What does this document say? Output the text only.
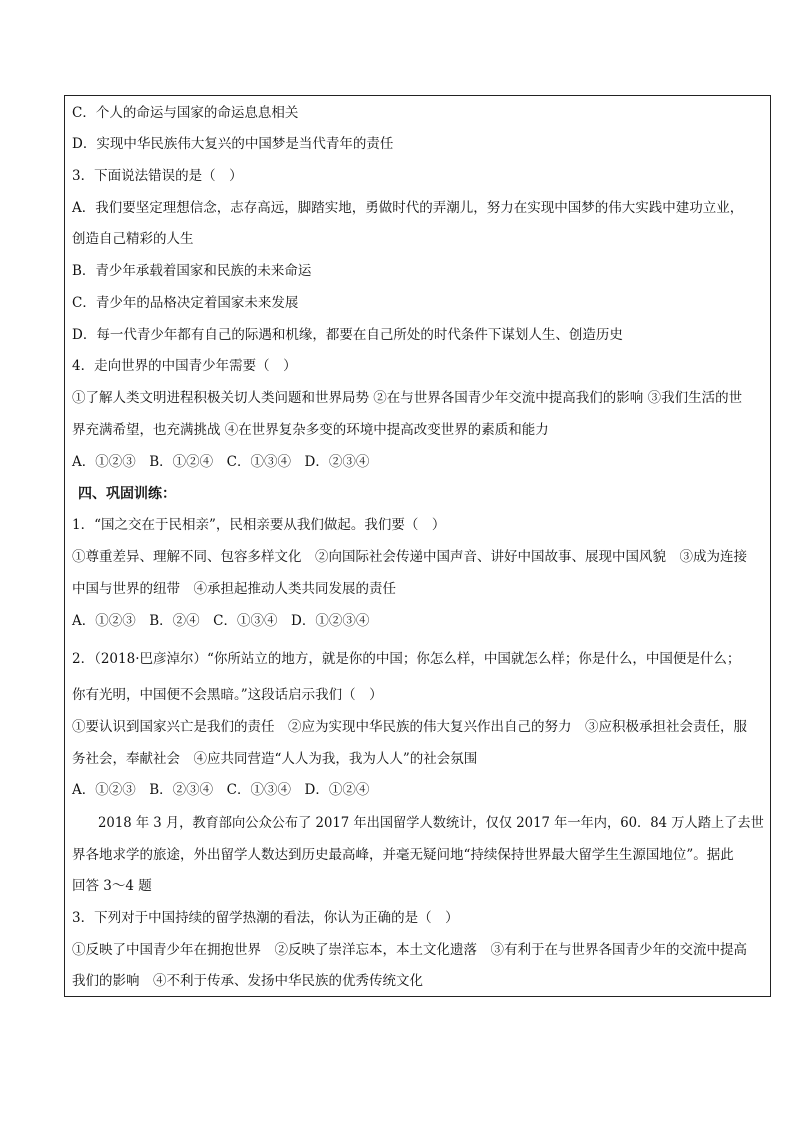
C．个人的命运与国家的命运息息相关
D．实现中华民族伟大复兴的中国梦是当代青年的责任
3．下面说法错误的是（　）
A．我们要坚定理想信念，志存高远，脚踏实地，勇做时代的弄潮儿，努力在实现中国梦的伟大实践中建功立业，
创造自己精彩的人生
B．青少年承载着国家和民族的未来命运
C．青少年的品格决定着国家未来发展
D．每一代青少年都有自己的际遇和机缘，都要在自己所处的时代条件下谋划人生、创造历史
4．走向世界的中国青少年需要（　）
①了解人类文明进程积极关切人类问题和世界局势 ②在与世界各国青少年交流中提高我们的影响 ③我们生活的世
界充满希望，也充满挑战 ④在世界复杂多变的环境中提高改变世界的素质和能力
A．①②③　B．①②④　C．①③④　D．②③④
四、巩固训练：
1．“国之交在于民相亲”，民相亲要从我们做起。我们要（　）
①尊重差异、理解不同、包容多样文化　②向国际社会传递中国声音、讲好中国故事、展现中国风貌　③成为连接
中国与世界的纽带　④承担起推动人类共同发展的责任
A．①②③　B．②④　C．①③④　D．①②③④
2．（2018·巴彦淖尔）“你所站立的地方，就是你的中国；你怎么样，中国就怎么样；你是什么，中国便是什么；
你有光明，中国便不会黑暗。”这段话启示我们（　）
①要认识到国家兴亡是我们的责任　②应为实现中华民族的伟大复兴作出自己的努力　③应积极承担社会责任，服
务社会，奉献社会　④应共同营造“人人为我，我为人人”的社会氛围
A．①②③　B．②③④　C．①③④　D．①②④
2018 年 3 月，教育部向公众公布了 2017 年出国留学人数统计，仅仅 2017 年一年内，60．84 万人踏上了去世
界各地求学的旅途，外出留学人数达到历史最高峰，并毫无疑问地“持续保持世界最大留学生生源国地位”。据此
回答 3～4 题
3．下列对于中国持续的留学热潮的看法，你认为正确的是（　）
①反映了中国青少年在拥抱世界　②反映了崇洋忘本，本土文化遗落　③有利于在与世界各国青少年的交流中提高
我们的影响　④不利于传承、发扬中华民族的优秀传统文化
